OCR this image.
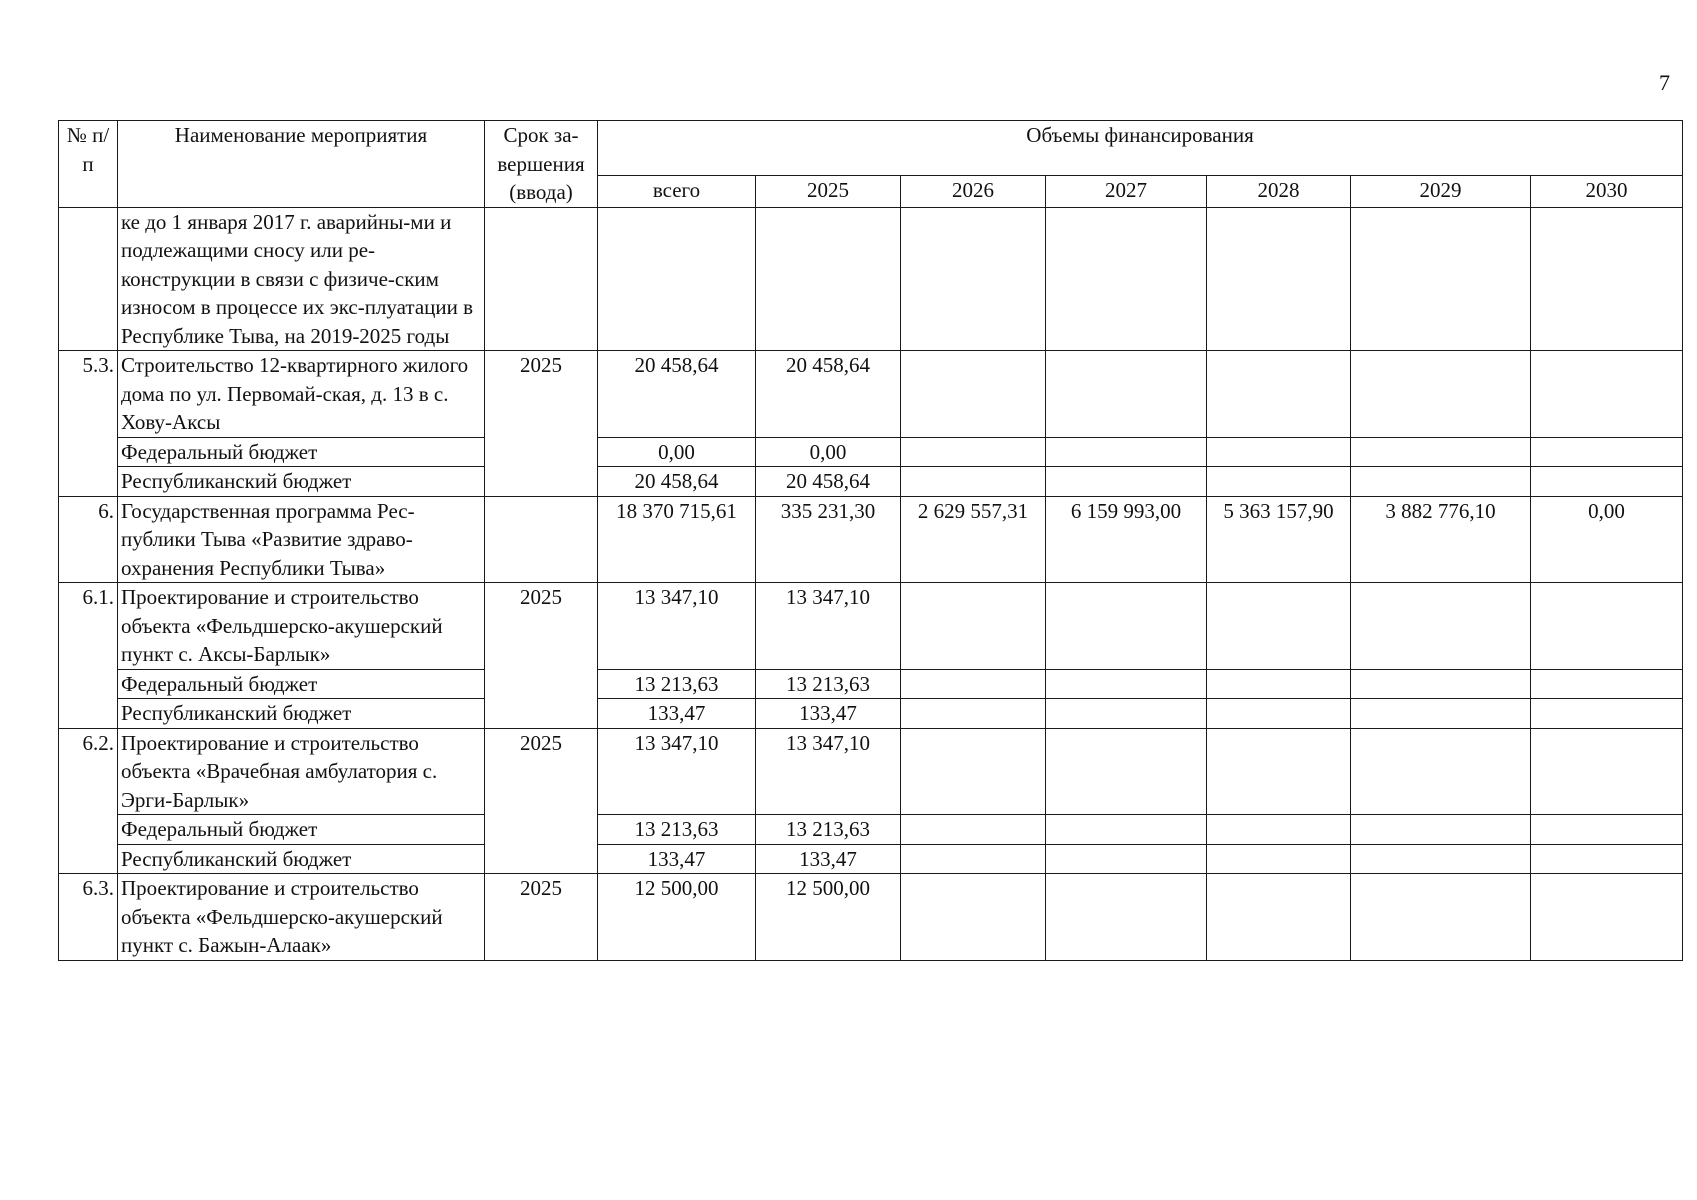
7
№ п/п	Наименование мероприятия	Срок за-вершения (ввода)	Объемы финансирования						
			всего	2025	2026	2027	2028	2029	2030
	ке до 1 января 2017 г. аварийны-ми и подлежащими сносу или ре-конструкции в связи с физиче-ским износом в процессе их экс-плуатации в Республике Тыва, на 2019-2025 годы								
5.3.	Строительство 12-квартирного жилого дома по ул. Первомай-ская, д. 13 в с. Хову-Аксы	2025	20 458,64	20 458,64					
	Федеральный бюджет		0,00	0,00					
	Республиканский бюджет		20 458,64	20 458,64					
6.	Государственная программа Рес-публики Тыва «Развитие здраво-охранения Республики Тыва»		18 370 715,61	335 231,30	2 629 557,31	6 159 993,00	5 363 157,90	3 882 776,10	0,00
6.1.	Проектирование и строительство объекта «Фельдшерско-акушерский пункт с. Аксы-Барлык»	2025	13 347,10	13 347,10					
	Федеральный бюджет		13 213,63	13 213,63					
	Республиканский бюджет		133,47	133,47					
6.2.	Проектирование и строительство объекта «Врачебная амбулатория с. Эрги-Барлык»	2025	13 347,10	13 347,10					
	Федеральный бюджет		13 213,63	13 213,63					
	Республиканский бюджет		133,47	133,47					
6.3.	Проектирование и строительство объекта «Фельдшерско-акушерский пункт с. Бажын-Алаак»	2025	12 500,00	12 500,00					
